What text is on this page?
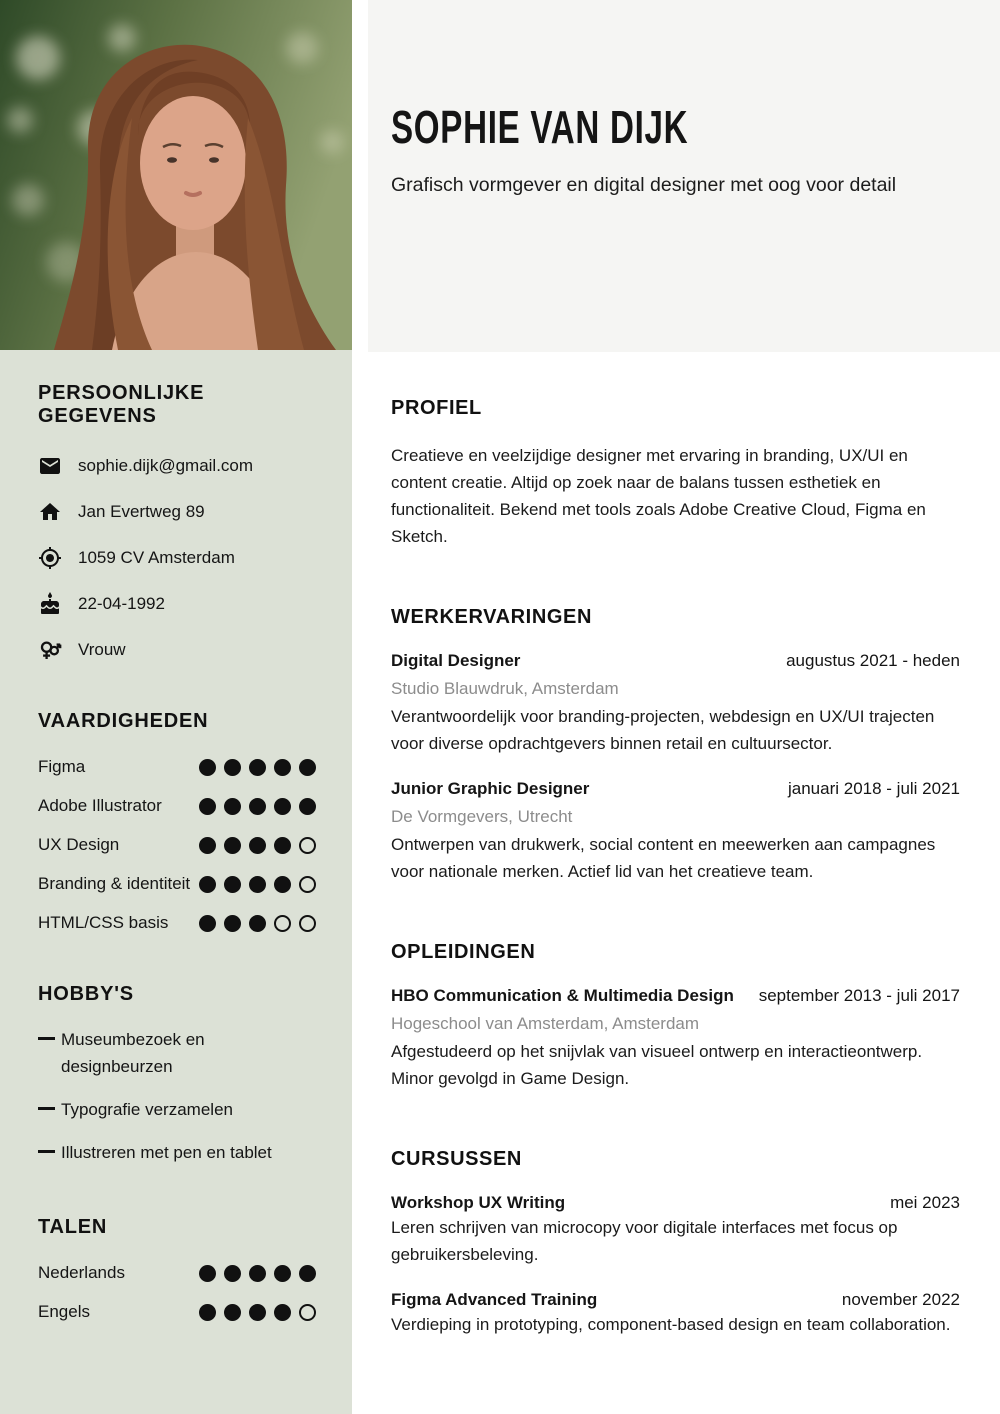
PERSOONLIJKE GEGEVENS
sophie.dijk@gmail.com
Jan Evertweg 89
1059 CV Amsterdam
22-04-1992
Vrouw
VAARDIGHEDEN
Figma
Adobe Illustrator
UX Design
Branding & identiteit
HTML/CSS basis
HOBBY'S
Museumbezoek en designbeurzen
Typografie verzamelen
Illustreren met pen en tablet
TALEN
Nederlands
Engels
SOPHIE VAN DIJK

Grafisch vormgever en digital designer met oog voor detail

PROFIEL

Creatieve en veelzijdige designer met ervaring in branding, UX/UI en content creatie. Altijd op zoek naar de balans tussen esthetiek en functionaliteit. Bekend met tools zoals Adobe Creative Cloud, Figma en Sketch.

WERKERVARINGEN
Digital Designer	augustus 2021 - heden
Studio Blauwdruk, Amsterdam
Verantwoordelijk voor branding-projecten, webdesign en UX/UI trajecten voor diverse opdrachtgevers binnen retail en cultuursector.
Junior Graphic Designer	januari 2018 - juli 2021
De Vormgevers, Utrecht
Ontwerpen van drukwerk, social content en meewerken aan campagnes voor nationale merken. Actief lid van het creatieve team.
OPLEIDINGEN
HBO Communication & Multimedia Design september 2013 - juli 2017
Hogeschool van Amsterdam, Amsterdam
Afgestudeerd op het snijvlak van visueel ontwerp en interactieontwerp. Minor gevolgd in Game Design.
CURSUSSEN
Workshop UX Writing	mei 2023
Leren schrijven van microcopy voor digitale interfaces met focus op gebruikersbeleving.
Figma Advanced Training	november 2022
Verdieping in prototyping, component-based design en team collaboration.
